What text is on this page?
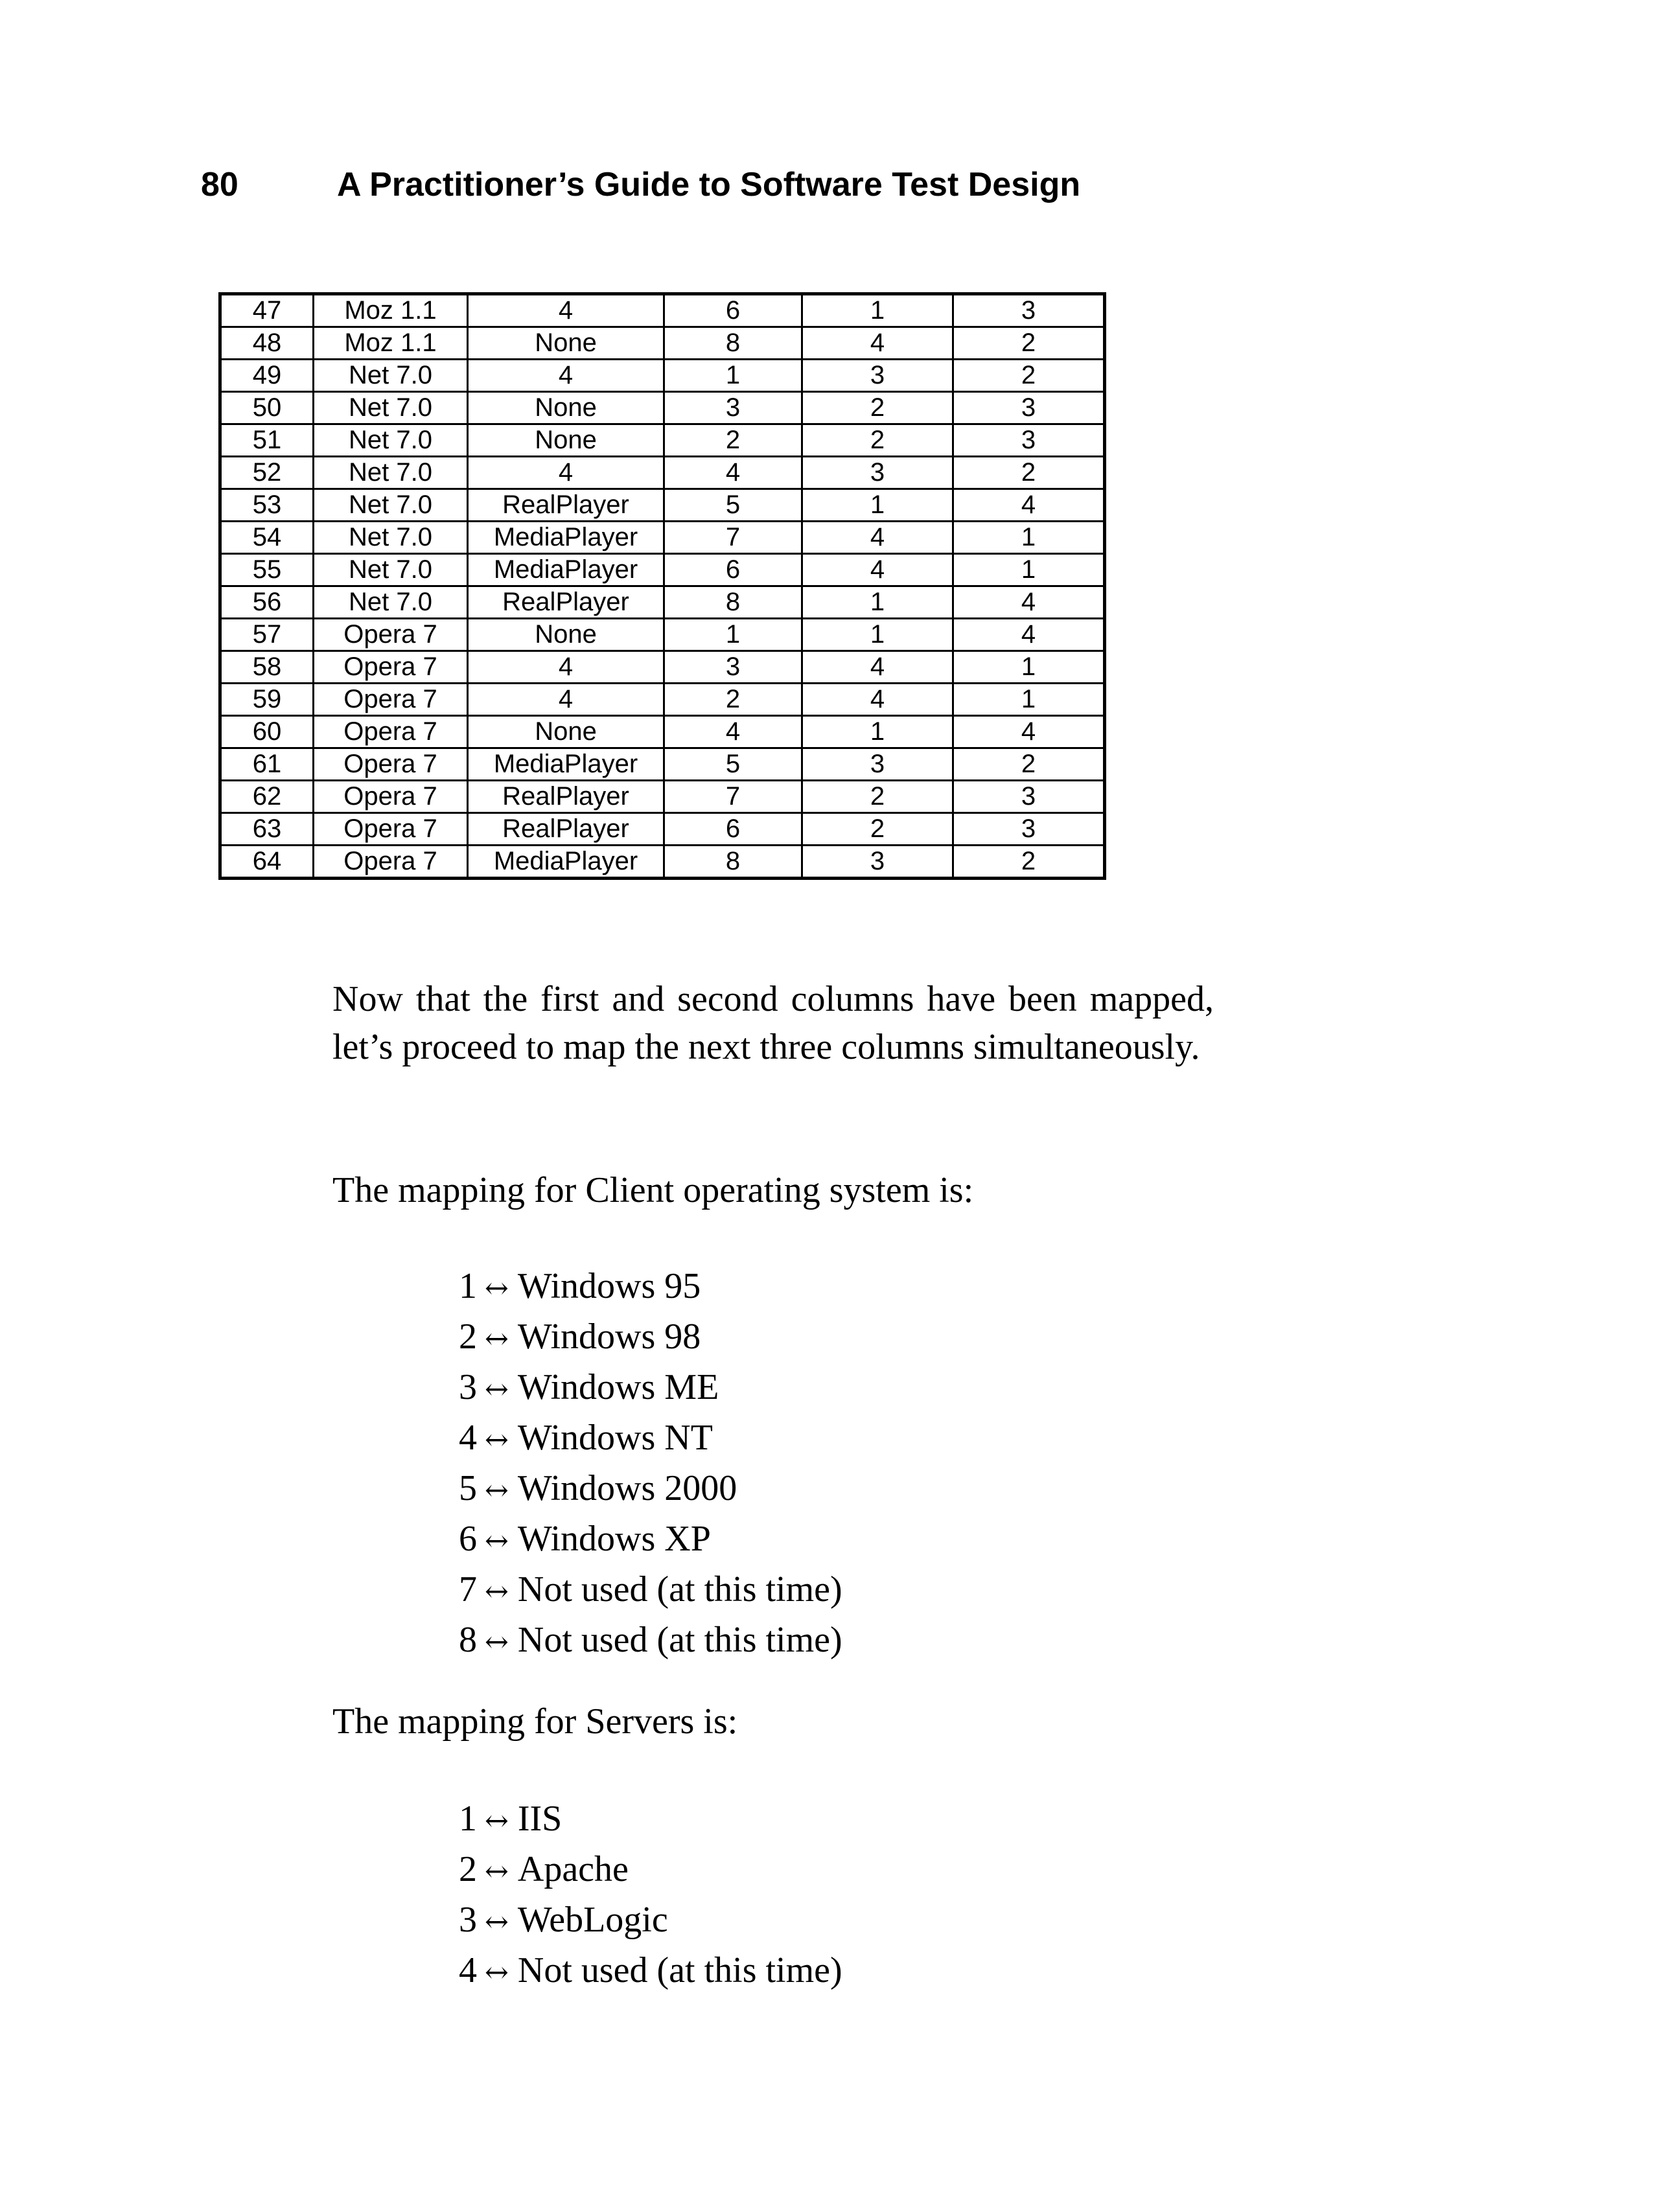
80	A Practitioner’s Guide to Software Test Design
47	Moz 1.1	4	6	1	3
48	Moz 1.1	None	8	4	2
49	Net 7.0	4	1	3	2
50	Net 7.0	None	3	2	3
51	Net 7.0	None	2	2	3
52	Net 7.0	4	4	3	2
53	Net 7.0	RealPlayer	5	1	4
54	Net 7.0	MediaPlayer	7	4	1
55	Net 7.0	MediaPlayer	6	4	1
56	Net 7.0	RealPlayer	8	1	4
57	Opera 7	None	1	1	4
58	Opera 7	4	3	4	1
59	Opera 7	4	2	4	1
60	Opera 7	None	4	1	4
61	Opera 7	MediaPlayer	5	3	2
62	Opera 7	RealPlayer	7	2	3
63	Opera 7	RealPlayer	6	2	3
64	Opera 7	MediaPlayer	8	3	2

Now that the first and second columns have been mapped, let’s proceed to map the next three columns simultaneously.

The mapping for Client operating system is:

1 ↔ Windows 95
2 ↔ Windows 98
3 ↔ Windows ME
4 ↔ Windows NT
5 ↔ Windows 2000
6 ↔ Windows XP
7 ↔ Not used (at this time)
8 ↔ Not used (at this time)

The mapping for Servers is:

1 ↔ IIS
2 ↔ Apache
3 ↔ WebLogic
4 ↔ Not used (at this time)
